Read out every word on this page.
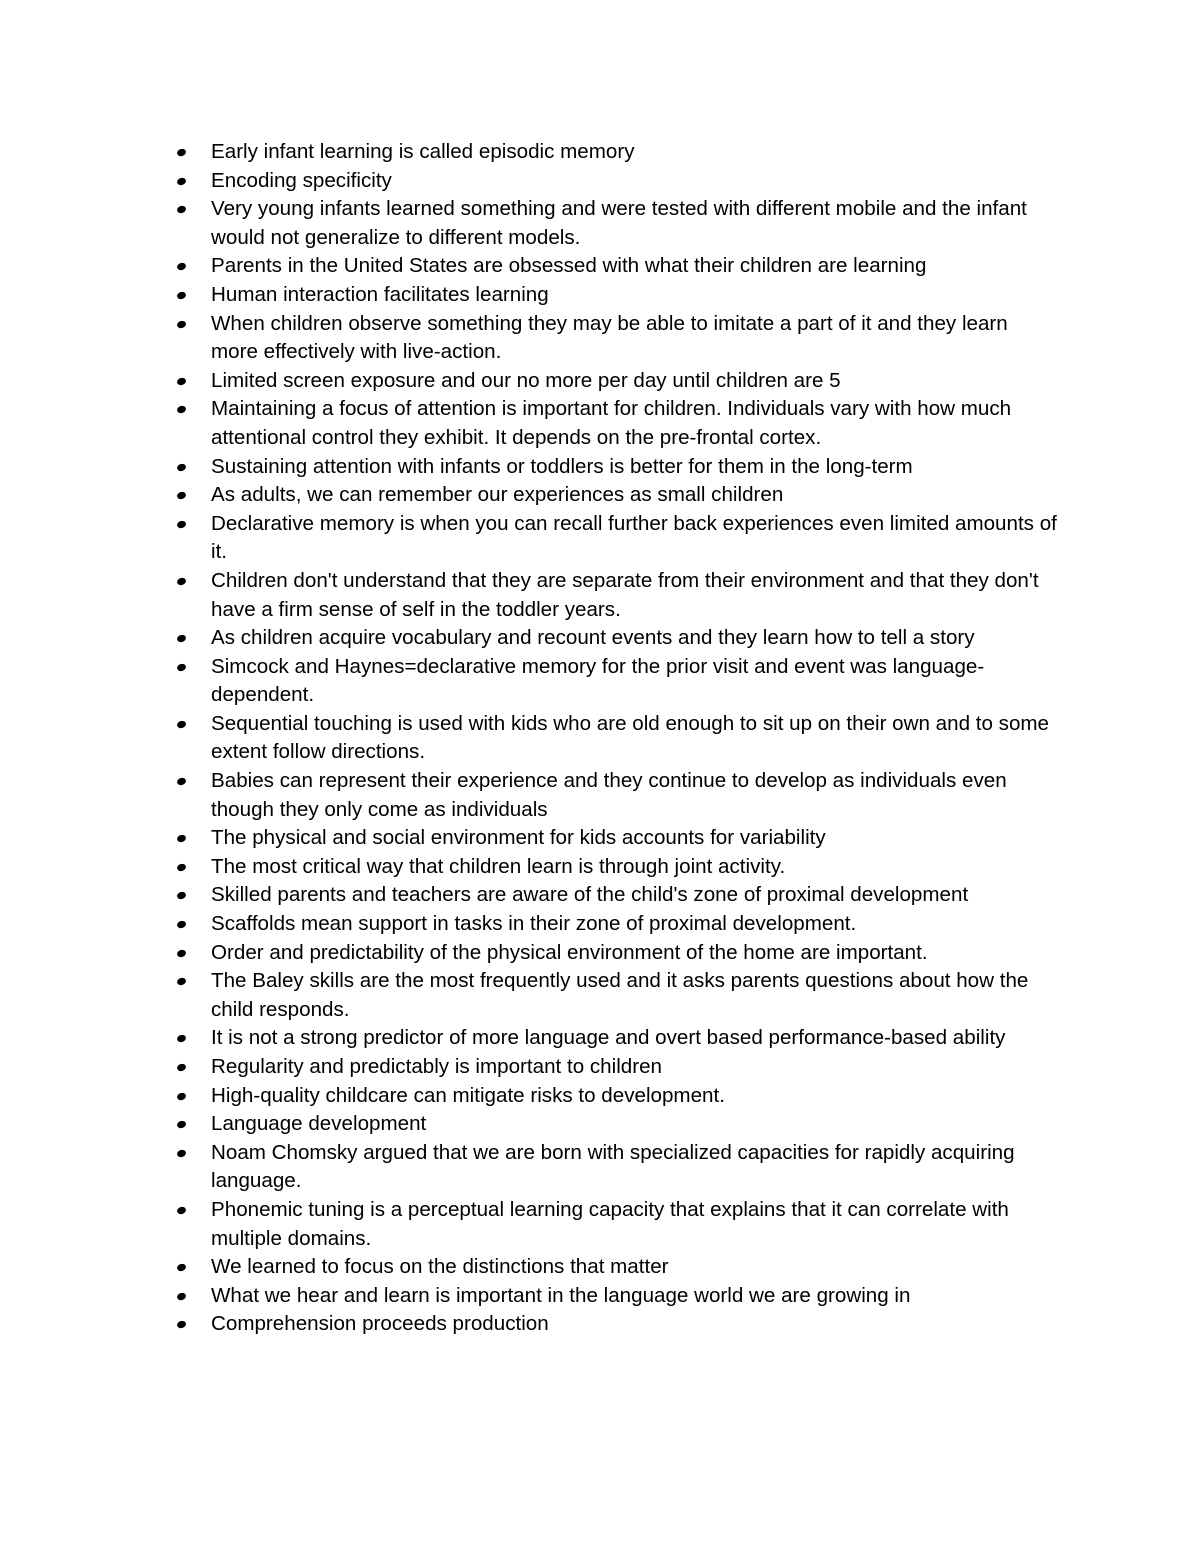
Early infant learning is called episodic memory
Encoding specificity
Very young infants learned something and were tested with different mobile and the infant would not generalize to different models.
Parents in the United States are obsessed with what their children are learning
Human interaction facilitates learning
When children observe something they may be able to imitate a part of it and they learn more effectively with live-action.
Limited screen exposure and our no more per day until children are 5
Maintaining a focus of attention is important for children. Individuals vary with how much attentional control they exhibit. It depends on the pre-frontal cortex.
Sustaining attention with infants or toddlers is better for them in the long-term
As adults, we can remember our experiences as small children
Declarative memory is when you can recall further back experiences even limited amounts of it.
Children don't understand that they are separate from their environment and that they don't have a firm sense of self in the toddler years.
As children acquire vocabulary and recount events and they learn how to tell a story
Simcock and Haynes=declarative memory for the prior visit and event was language-dependent.
Sequential touching is used with kids who are old enough to sit up on their own and to some extent follow directions.
Babies can represent their experience and they continue to develop as individuals even though they only come as individuals
The physical and social environment for kids accounts for variability
The most critical way that children learn is through joint activity.
Skilled parents and teachers are aware of the child's zone of proximal development
Scaffolds mean support in tasks in their zone of proximal development.
Order and predictability of the physical environment of the home are important.
The Baley skills are the most frequently used and it asks parents questions about how the child responds.
It is not a strong predictor of more language and overt based performance-based ability
Regularity and predictably is important to children
High-quality childcare can mitigate risks to development.
Language development
Noam Chomsky argued that we are born with specialized capacities for rapidly acquiring language.
Phonemic tuning is a perceptual learning capacity that explains that it can correlate with multiple domains.
We learned to focus on the distinctions that matter
What we hear and learn is important in the language world we are growing in
Comprehension proceeds production
